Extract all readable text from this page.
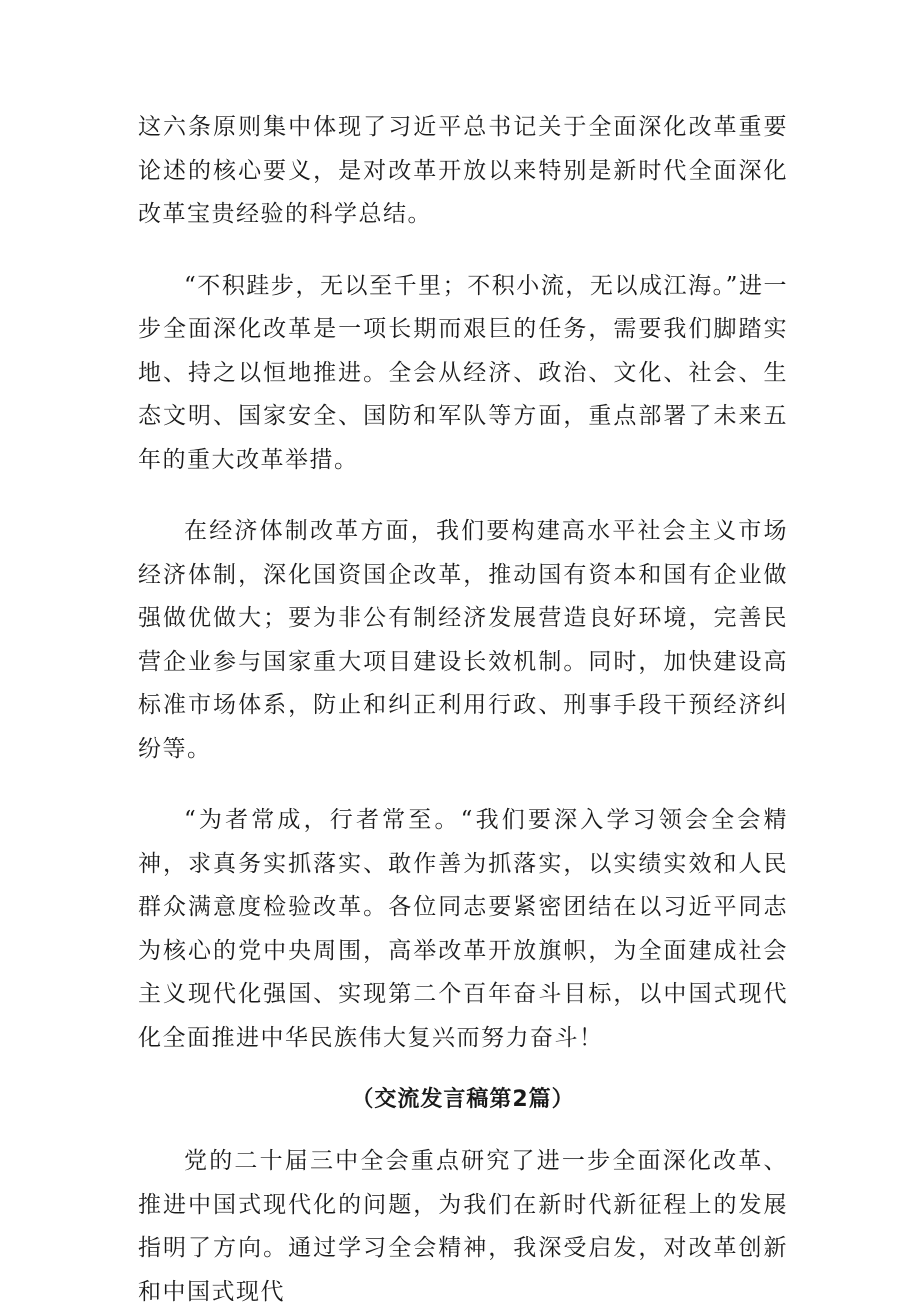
这六条原则集中体现了习近平总书记关于全面深化改革重要论述的核心要义，是对改革开放以来特别是新时代全面深化改革宝贵经验的科学总结。

“不积跬步，无以至千里；不积小流，无以成江海。”进一步全面深化改革是一项长期而艰巨的任务，需要我们脚踏实地、持之以恒地推进。全会从经济、政治、文化、社会、生态文明、国家安全、国防和军队等方面，重点部署了未来五年的重大改革举措。

在经济体制改革方面，我们要构建高水平社会主义市场经济体制，深化国资国企改革，推动国有资本和国有企业做强做优做大；要为非公有制经济发展营造良好环境，完善民营企业参与国家重大项目建设长效机制。同时，加快建设高标准市场体系，防止和纠正利用行政、刑事手段干预经济纠纷等。

“为者常成，行者常至。“我们要深入学习领会全会精神，求真务实抓落实、敢作善为抓落实，以实绩实效和人民群众满意度检验改革。各位同志要紧密团结在以习近平同志为核心的党中央周围，高举改革开放旗帜，为全面建成社会主义现代化强国、实现第二个百年奋斗目标，以中国式现代化全面推进中华民族伟大复兴而努力奋斗！

（交流发言稿第2篇）

党的二十届三中全会重点研究了进一步全面深化改革、推进中国式现代化的问题，为我们在新时代新征程上的发展指明了方向。通过学习全会精神，我深受启发，对改革创新和中国式现代
